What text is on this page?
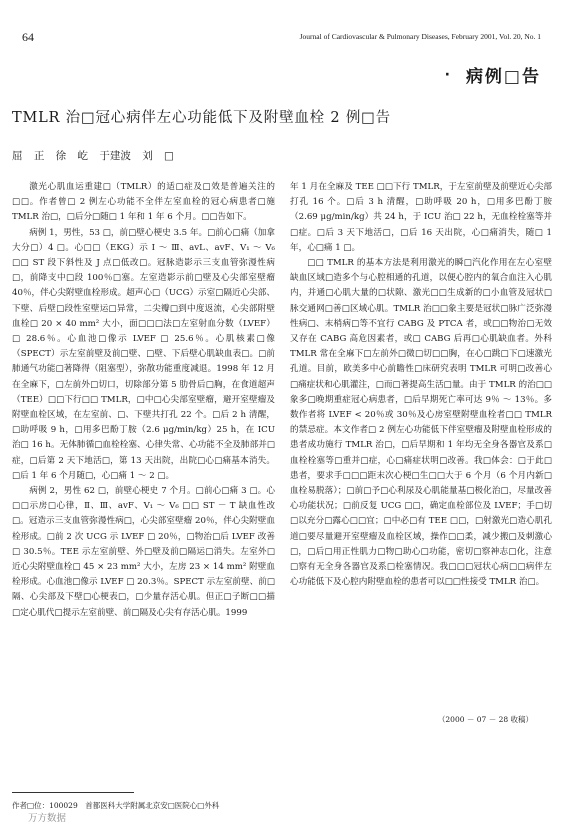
64	Journal of Cardiovascular & Pulmonary Diseases, February 2001, Vol. 20, No. 1
· 病例□告
TMLR 治□冠心病伴左心功能低下及附壁血栓 2 例□告
屈 正 徐 屹 于建波 刘 □

激光心肌血运重建□（TMLR）的适□症及□效是普遍关注的□□。作者曾□ 2 例左心功能不全伴左室血栓的冠心病患者□施 TMLR 治□，□后分□随□ 1 年和 1 年 6 个月。□□告如下。

病例 1，男性，53 □，前□壁心梗史 3.5 年。□前心□痛（加拿大分□）4 □。心□□（EKG）示 Ⅰ ～ Ⅲ、avL、avF、V₁ ～ V₆ □□ ST 段下斜性及 J 点□低改□。冠脉造影示三支血管弥漫性病□，前降支中□段 100％□塞。左室造影示前□壁及心尖部室壁瘤 40％，伴心尖附壁血栓形成。超声心□（UCG）示室□隔近心尖部、下壁、后壁□段性室壁运□异常，二尖瓣□到中度返流，心尖部附壁血栓□ 20 × 40 mm² 大小，面□□□法□左室射血分数（LVEF）□ 28.6％。心血池□像示 LVEF □ 25.6％。心肌核素□像（SPECT）示左室前壁及前□壁、□壁、下后壁心肌缺血表□。□前肺通气功能□著降得（阻塞型），弥散功能重度减退。1998 年 12 月在全麻下，□左前外□切口，切除部分第 5 肋骨后□胸，在食道超声（TEE）□□下行□□ TMLR，□中□心尖部室壁瘤，避开室壁瘤及附壁血栓区域，在左室前、□、下壁共打孔 22 个。□后 2 h 清醒，□助呼吸 9 h，□用多巴酚丁胺（2.6 μg/min/kg）25 h，在 ICU 治□ 16 h。无体肺循□血栓栓塞、心律失常、心功能不全及肺部并□症，□后第 2 天下地活□，第 13 天出院，出院□心□痛基本消失。□后 1 年 6 个月随□，心□痛 1 ～ 2 □。

病例 2，男性 62 □，前壁心梗史 7 个月。□前心□痛 3 □。心□□示房□心律，Ⅱ、Ⅲ、avF、V₁ ～ V₆ □□ ST － T 缺血性改□。冠造示三支血管弥漫性病□，心尖部室壁瘤 20％，伴心尖附壁血栓形成。□前 2 次 UCG 示 LVEF □ 20％，□物治□后 LVEF 改善□ 30.5％。TEE 示左室前壁、外□壁及前□隔运□消失。左室外□近心尖附壁血栓□ 45 × 23 mm² 大小，左房 23 × 14 mm² 附壁血栓形成。心血池□像示 LVEF □ 20.3％。SPECT 示左室前壁、前□隔、心尖部及下壁□心梗表□，□少量存活心肌。但正□子断□□描□定心肌代□提示左室前壁、前□隔及心尖有存活心肌。1999

年 1 月在全麻及 TEE □□下行 TMLR，于左室前壁及前壁近心尖部打孔 16 个。□后 3 h 清醒，□助呼吸 20 h，□用多巴酚丁胺（2.69 μg/min/kg）共 24 h，于 ICU 治□ 22 h，无血栓栓塞等并□症。□后 3 天下地活□，□后 16 天出院，心□痛消失，随□ 1 年，心□痛 1 □。

□□ TMLR 的基本方法是利用激光的瞬□汽化作用在左心室壁缺血区域□造多个与心腔相通的孔道，以便心腔内的氧合血注入心肌内，并通□心肌大量的□状隙、激光□□生成新的□小血管及冠状□脉交通网□善□区域心肌。TMLR 治□□象主要是冠状□脉广泛弥漫性病□、末梢病□等不宜行 CABG 及 PTCA 者，或□□物治□无效又存在 CABG 高危因素者，或□ CABG 后再□心肌缺血者。外科 TMLR 常在全麻下□左前外□微□切□□胸，在心□跳□下□速激光孔道。目前，欧美多中心前瞻性□床研究表明 TMLR 可明□改善心□痛症状和心肌灌注，□而□著提高生活□量。由于 TMLR 的治□□象多□晚期重症冠心病患者，□后早期死亡率可达 9％ ～ 13％。多数作者将 LVEF < 20％或 30％及心房室壁附壁血栓者□□ TMLR 的禁忌症。本文作者□ 2 例左心功能低下伴室壁瘤及附壁血栓形成的患者成功施行 TMLR 治□，□后早期和 1 年均无全身各器官及系□血栓栓塞等□重并□症，心□痛症状明□改善。我□体会：□于此□患者，要求手□□□距末次心梗□生□□大于 6 个月（6 个月内新□血栓易脱落）；□前□予□心利尿及心肌能量基□极化治□，尽量改善心功能状况；□前反复 UCG □□，确定血栓部位及 LVEF；手□切□以充分□露心□□宜；□中必□有 TEE □□，□射激光□造心肌孔道□要尽量避开室壁瘤及血栓区域，操作□□柔，减少搬□及刺激心□，□后□用正性肌力□物□助心□功能，密切□察神志□化，注意□察有无全身各器官及系□栓塞情况。我□□□冠状心病□□病伴左心功能低下及心腔内附壁血栓的患者可以□□性接受 TMLR 治□。

（2000 － 07 － 28 收稿）
作者□位：100029　首都医科大学附属北京安□医院心□外科
万方数据
